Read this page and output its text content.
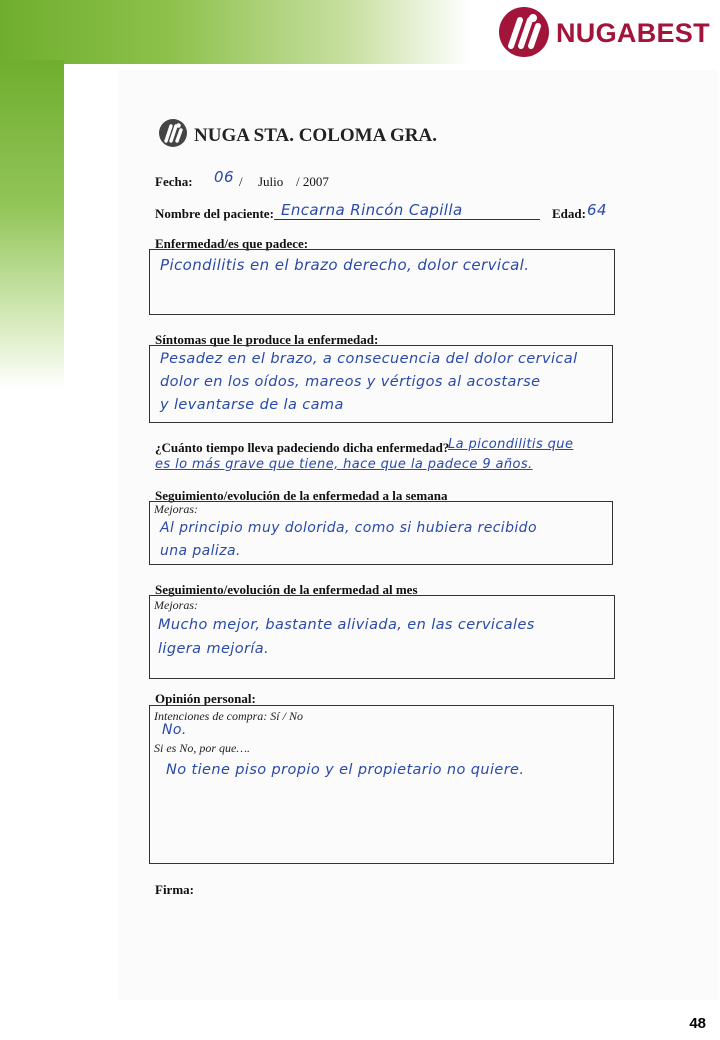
NUGABEST
NUGA STA. COLOMA GRA.
Fecha: 06 / Julio / 2007
Nombre del paciente: Encarna Rincón Capilla	Edad: 64
Enfermedad/es que padece:
Picondilitis en el brazo derecho, dolor cervical.
Síntomas que le produce la enfermedad:
Pesadez en el brazo, a consecuencia del dolor cervical
dolor en los oídos, mareos y vértigos al acostarse
y levantarse de la cama
¿Cuánto tiempo lleva padeciendo dicha enfermedad?
La picondilitis que
es lo más grave que tiene, hace que la padece 9 años.
Seguimiento/evolución de la enfermedad a la semana
Mejoras:
Al principio muy dolorida, como si hubiera recibido
una paliza.
Seguimiento/evolución de la enfermedad al mes
Mejoras:
Mucho mejor, bastante aliviada, en las cervicales
ligera mejoría.
Opinión personal:
Intenciones de compra: Sí / No
No.
Si es No, por que….
No tiene piso propio y el propietario no quiere.
Firma:
48
